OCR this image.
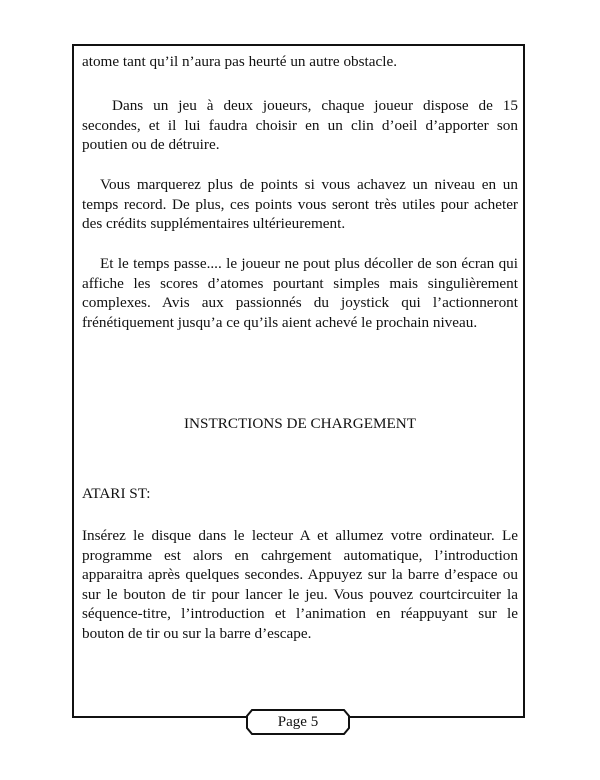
atome tant qu’il n’aura pas heurté un autre obstacle.

Dans un jeu à deux joueurs, chaque joueur dispose de 15 secondes, et il lui faudra choisir en un clin d’oeil d’apporter son poutien ou de détruire.

Vous marquerez plus de points si vous achavez un niveau en un temps record. De plus, ces points vous seront très utiles pour acheter des crédits supplémentaires ultérieurement.

Et le temps passe.... le joueur ne pout plus décoller de son écran qui affiche les scores d’atomes pourtant simples mais singulièrement complexes. Avis aux passionnés du joystick qui l’actionneront frénétiquement jusqu’a ce qu’ils aient achevé le prochain niveau.

INSTRCTIONS DE CHARGEMENT
ATARI ST:

Insérez le disque dans le lecteur A et allumez votre ordinateur. Le programme est alors en cahrgement automatique, l’introduction apparaitra après quelques secondes. Appuyez sur la barre d’espace ou sur le bouton de tir pour lancer le jeu. Vous pouvez courtcircuiter la séquence-titre, l’introduction et l’animation en réappuyant sur le bouton de tir ou sur la barre d’escape.

Page 5
